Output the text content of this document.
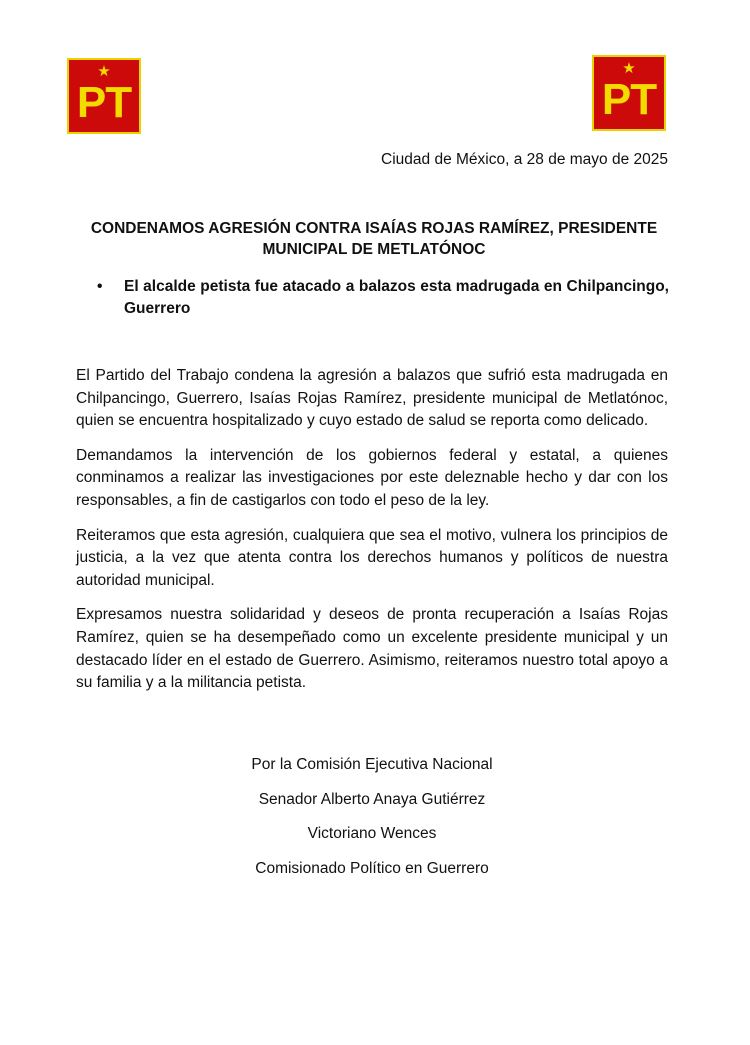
★
PT
★
PT
Ciudad de México, a 28 de mayo de 2025
CONDENAMOS AGRESIÓN CONTRA ISAÍAS ROJAS RAMÍREZ, PRESIDENTE
MUNICIPAL DE METLATÓNOC
• El alcalde petista fue atacado a balazos esta madrugada en Chilpancingo, Guerrero

El Partido del Trabajo condena la agresión a balazos que sufrió esta madrugada en Chilpancingo, Guerrero, Isaías Rojas Ramírez, presidente municipal de Metlatónoc, quien se encuentra hospitalizado y cuyo estado de salud se reporta como delicado.

Demandamos la intervención de los gobiernos federal y estatal, a quienes conminamos a realizar las investigaciones por este deleznable hecho y dar con los responsables, a fin de castigarlos con todo el peso de la ley.

Reiteramos que esta agresión, cualquiera que sea el motivo, vulnera los principios de justicia, a la vez que atenta contra los derechos humanos y políticos de nuestra autoridad municipal.

Expresamos nuestra solidaridad y deseos de pronta recuperación a Isaías Rojas Ramírez, quien se ha desempeñado como un excelente presidente municipal y un destacado líder en el estado de Guerrero. Asimismo, reiteramos nuestro total apoyo a su familia y a la militancia petista.

Por la Comisión Ejecutiva Nacional
Senador Alberto Anaya Gutiérrez
Victoriano Wences
Comisionado Político en Guerrero
